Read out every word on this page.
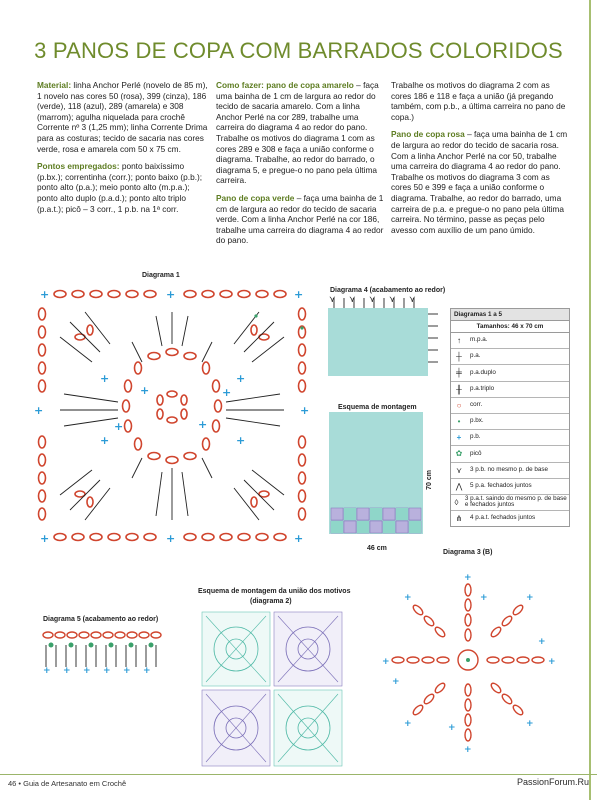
3 PANOS DE COPA COM BARRADOS COLORIDOS

Material: linha Anchor Perlé (novelo de 85 m), 1 novelo nas cores 50 (rosa), 399 (cinza), 186 (verde), 118 (azul), 289 (amarela) e 308 (marrom); agulha niquelada para crochê Corrente nº 3 (1,25 mm); linha Corrente Drima para as costuras; tecido de sacaria nas cores verde, rosa e amarela com 50 x 75 cm.

Pontos empregados: ponto baixíssimo (p.bx.); correntinha (corr.); ponto baixo (p.b.); ponto alto (p.a.); meio ponto alto (m.p.a.); ponto alto duplo (p.a.d.); ponto alto triplo (p.a.t.); picô – 3 corr., 1 p.b. na 1ª corr.

Como fazer: pano de copa amarelo – faça uma bainha de 1 cm de largura ao redor do tecido de sacaria amarelo. Com a linha Anchor Perlé na cor 289, trabalhe uma carreira do diagrama 4 ao redor do pano. Trabalhe os motivos do diagrama 1 com as cores 289 e 308 e faça a união conforme o diagrama. Trabalhe, ao redor do barrado, o diagrama 5, e pregue-o no pano pela última carreira.

Pano de copa verde – faça uma bainha de 1 cm de largura ao redor do tecido de sacaria verde. Com a linha Anchor Perlé na cor 186, trabalhe uma carreira do diagrama 4 ao redor do pano.

Trabalhe os motivos do diagrama 2 com as cores 186 e 118 e faça a união (já pregando também, com p.b., a última carreira no pano de copa.)

Pano de copa rosa – faça uma bainha de 1 cm de largura ao redor do tecido de sacaria rosa. Com a linha Anchor Perlé na cor 50, trabalhe uma carreira do diagrama 4 ao redor do pano. Trabalhe os motivos do diagrama 3 com as cores 50 e 399 e faça a união conforme o diagrama. Trabalhe, ao redor do barrado, uma carreira de p.a. e pregue-o no pano pela última carreira. No término, passe as peças pelo avesso com auxílio de um pano úmido.

Diagrama 1
Diagrama 4 (acabamento ao redor)
Esquema de montagem
70 cm
46 cm
Diagrama 5 (acabamento ao redor)
Esquema de montagem da união dos motivos
(diagrama 2)
Diagrama 3 (B)
+
+	+
+
+	+
+	+
+	+
+	+
+
+
+
+
⋎ ⋎ ⋎ ⋎ ⋎
Diagramas 1 a 5
Tamanhos: 46 x 70 cm
↑	m.p.a.
┼	p.a.
╪	p.a.duplo
╫	p.a.triplo
○	corr.
•	p.bx.
+	p.b.
✿	picô
⋎	3 p.b. no mesmo p. de base
⋀	5 p.a. fechados juntos
◊	3 p.a.t. saindo do mesmo p. de base e fechados juntos
⋔	4 p.a.t. fechados juntos
+ + + + + +
+
+
+	+
+	+
+	+
+
+
+
+
46 • Guia de Artesanato em Crochê	PassionForum.Ru
